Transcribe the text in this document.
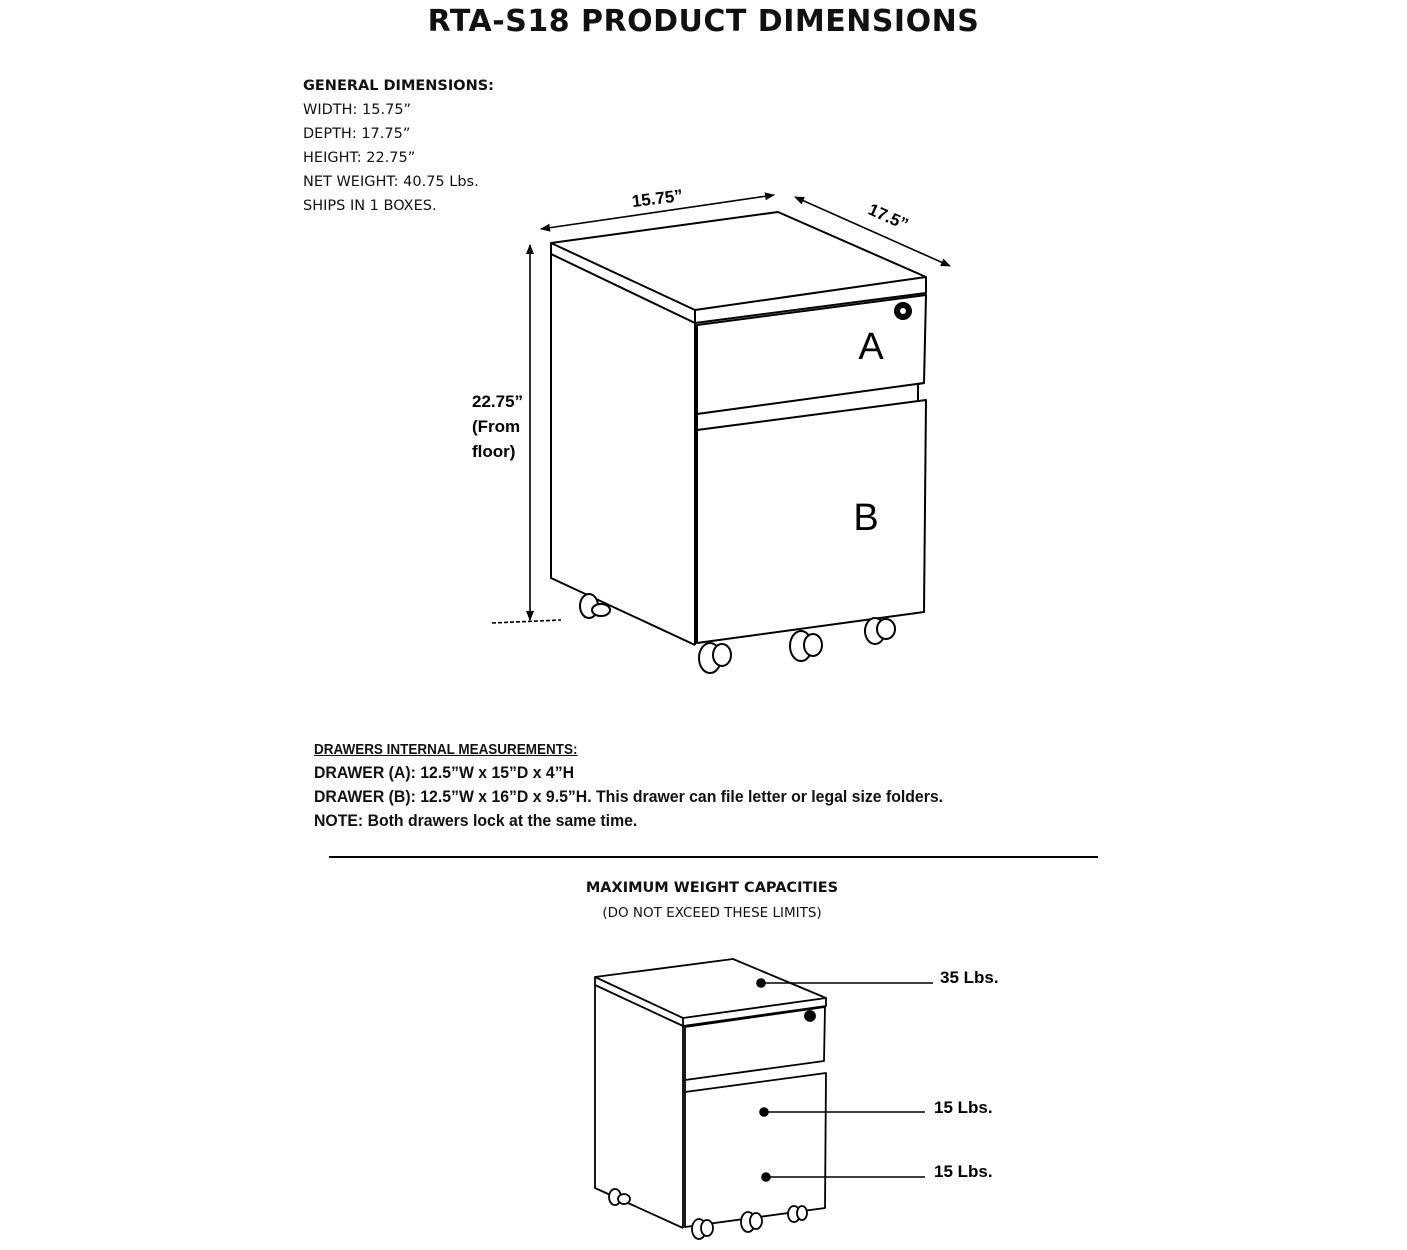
RTA-S18 PRODUCT DIMENSIONS
GENERAL DIMENSIONS:
WIDTH: 15.75”
DEPTH: 17.75”
HEIGHT: 22.75”
NET WEIGHT: 40.75 Lbs.
SHIPS IN 1 BOXES.	15.75”
17.5”
22.75” (From floor)
A
B
35 Lbs.
15 Lbs.
15 Lbs.
DRAWERS INTERNAL MEASUREMENTS:
DRAWER (A): 12.5”W x 15”D x 4”H
DRAWER (B): 12.5”W x 16”D x 9.5”H. This drawer can file letter or legal size folders.
NOTE: Both drawers lock at the same time.
MAXIMUM WEIGHT CAPACITIES
(DO NOT EXCEED THESE LIMITS)
